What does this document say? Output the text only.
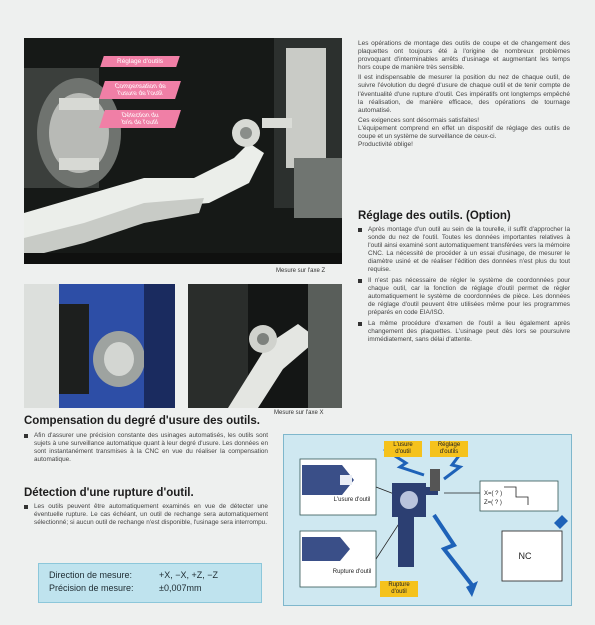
Réglage d'outils
Compensation de
l'usure de l'outil
Détection du
bris de l'outil
Mesure sur l'axe Z
Mesure sur l'axe X

Les opérations de montage des outils de coupe et de changement des plaquettes ont toujours été à l'origine de nombreux problèmes provoquant d'interminables arrêts d'usinage et augmentant les temps hors coupe de manière très sensible.

Il est indispensable de mesurer la position du nez de chaque outil, de suivre l'évolution du degré d'usure de chaque outil et de tenir compte de l'éventualité d'une rupture d'outil. Ces impératifs ont longtemps empêché la réalisation, de manière efficace, des opérations de tournage automatisé.

Ces exigences sont désormais satisfaites!

L'équipement comprend en effet un dispositif de réglage des outils de coupe et un système de surveillance de ceux-ci.

Productivité oblige!

Réglage des outils. (Option)
Après montage d'un outil au sein de la tourelle, il suffit d'approcher la sonde du nez de l'outil. Toutes les données importantes relatives à l'outil ainsi examiné sont automatiquement transférées vers la mémoire CNC. La nécessité de procéder à un essai d'usinage, de mesurer le diamètre usiné et de réaliser l'édition des données n'est plus du tout requise.
Il n'est pas nécessaire de régler le système de coordonnées pour chaque outil, car la fonction de réglage d'outil permet de régler automatiquement le système de coordonnées de pièce. Les données de réglage d'outil peuvent être utilisées même pour les programmes préparés en code EIA/ISO.
La même procédure d'examen de l'outil a lieu également après changement des plaquettes. L'usinage peut dès lors se poursuivre immédiatement, sans délai d'attente.
Compensation du degré d'usure des outils.
Afin d'assurer une précision constante des usinages automatisés, les outils sont sujets à une surveillance automatique quant à leur degré d'usure. Les données en sont instantanément transmises à la CNC en vue du réaliser la compensation automatique.
Détection d'une rupture d'outil.
Les outils peuvent être automatiquement examinés en vue de détecter une éventuelle rupture. Le cas échéant, un outil de rechange sera automatiquement sélectionné; si aucun outil de rechange n'est disponible, l'usinage sera interrompu.
Direction de mesure:	+X, −X, +Z, −Z
Précision de mesure:	±0,007mm
L'usure d'outil
Réglage d'outils
L'usure d'outil
Rupture d'outil
Rupture d'outil
X=( ? )
Z=( ? )
NC
